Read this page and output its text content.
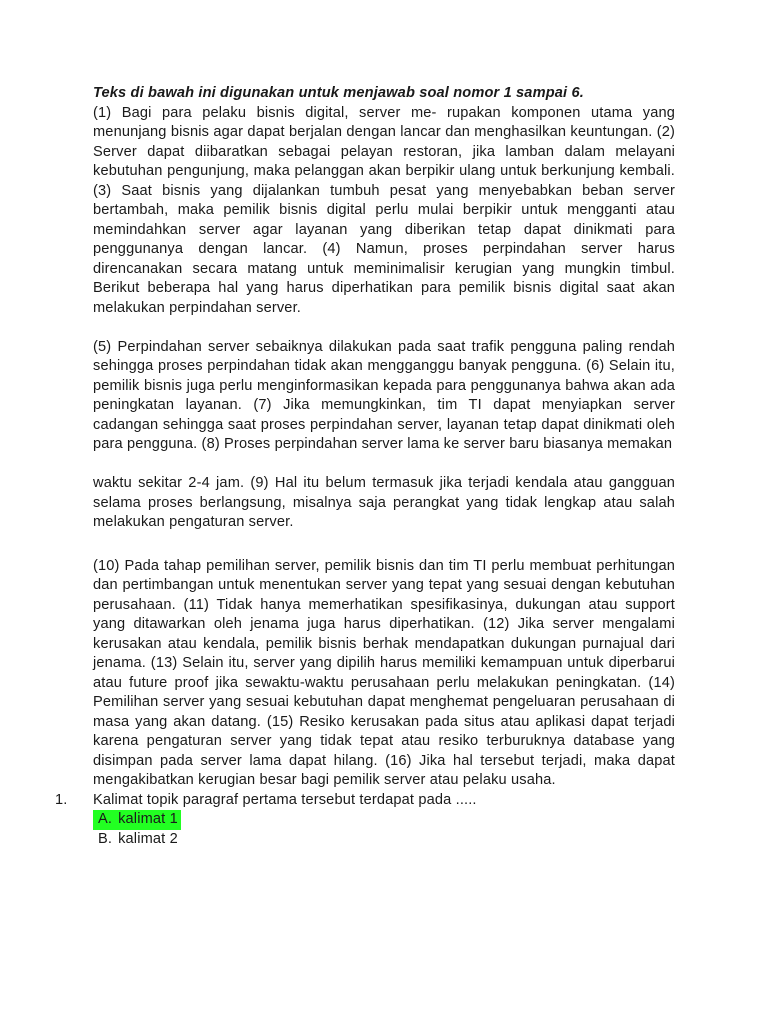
Teks di bawah ini digunakan untuk menjawab soal nomor 1 sampai 6.

(1) Bagi para pelaku bisnis digital, server me- rupakan komponen utama yang menunjang bisnis agar dapat berjalan dengan lancar dan menghasilkan keuntungan. (2) Server dapat diibaratkan sebagai pelayan restoran, jika lamban dalam melayani kebutuhan pengunjung, maka pelanggan akan berpikir ulang untuk berkunjung kembali. (3) Saat bisnis yang dijalankan tumbuh pesat yang menyebabkan beban server bertambah, maka pemilik bisnis digital perlu mulai berpikir untuk mengganti atau memindahkan server agar layanan yang diberikan tetap dapat dinikmati para penggunanya dengan lancar. (4) Namun, proses perpindahan server harus direncanakan secara matang untuk meminimalisir kerugian yang mungkin timbul. Berikut beberapa hal yang harus diperhatikan para pemilik bisnis digital saat akan melakukan perpindahan server.

(5) Perpindahan server sebaiknya dilakukan pada saat trafik pengguna paling rendah sehingga proses perpindahan tidak akan mengganggu banyak pengguna. (6) Selain itu, pemilik bisnis juga perlu menginformasikan kepada para penggunanya bahwa akan ada peningkatan layanan. (7) Jika memungkinkan, tim TI dapat menyiapkan server cadangan sehingga saat proses perpindahan server, layanan tetap dapat dinikmati oleh para pengguna. (8) Proses perpindahan server lama ke server baru biasanya memakan

waktu sekitar 2-4 jam. (9) Hal itu belum termasuk jika terjadi kendala atau gangguan selama proses berlangsung, misalnya saja perangkat yang tidak lengkap atau salah melakukan pengaturan server.

(10) Pada tahap pemilihan server, pemilik bisnis dan tim TI perlu membuat perhitungan dan pertimbangan untuk menentukan server yang tepat yang sesuai dengan kebutuhan perusahaan. (11) Tidak hanya memerhatikan spesifikasinya, dukungan atau support yang ditawarkan oleh jenama juga harus diperhatikan. (12) Jika server mengalami kerusakan atau kendala, pemilik bisnis berhak mendapatkan dukungan purnajual dari jenama. (13) Selain itu, server yang dipilih harus memiliki kemampuan untuk diperbarui atau future proof jika sewaktu-waktu perusahaan perlu melakukan peningkatan. (14) Pemilihan server yang sesuai kebutuhan dapat menghemat pengeluaran perusahaan di masa yang akan datang. (15) Resiko kerusakan pada situs atau aplikasi dapat terjadi karena pengaturan server yang tidak tepat atau resiko terburuknya database yang disimpan pada server lama dapat hilang. (16) Jika hal tersebut terjadi, maka dapat mengakibatkan kerugian besar bagi pemilik server atau pelaku usaha.

1. Kalimat topik paragraf pertama tersebut terdapat pada .....
A. kalimat 1
B. kalimat 2
